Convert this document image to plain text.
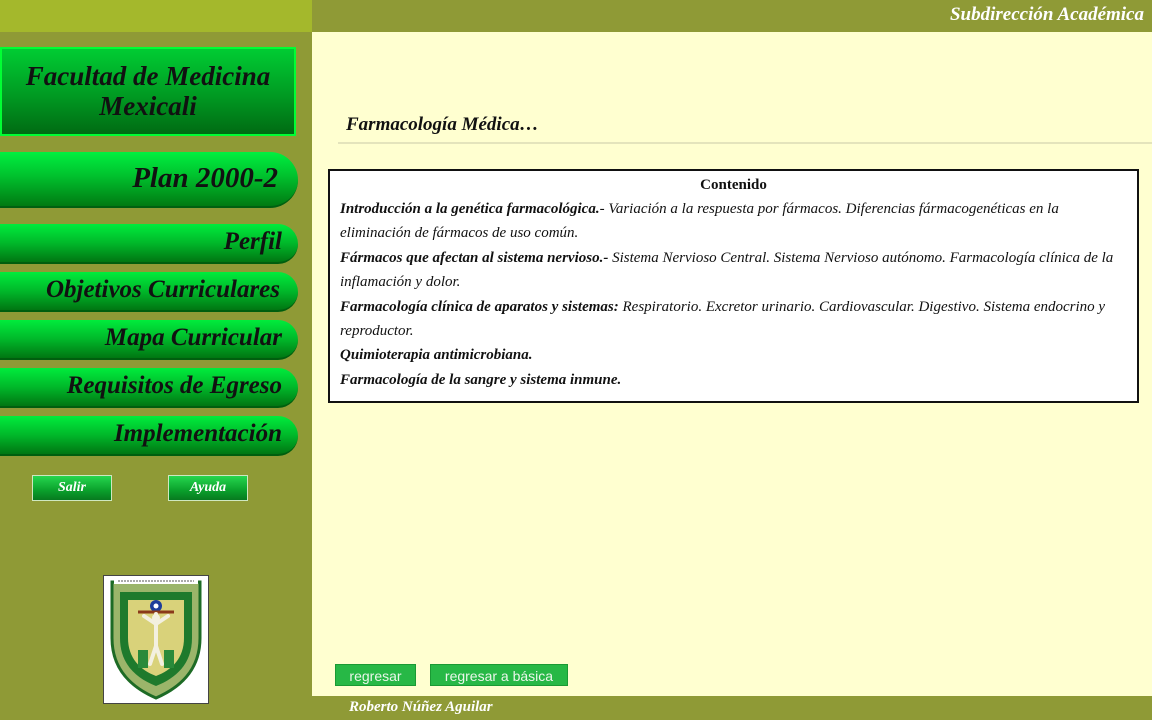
Subdirección Académica
Facultad de Medicina
Mexicali
Plan 2000-2
Perfil
Objetivos Curriculares
Mapa Curricular
Requisitos de Egreso
Implementación
Salir	Ayuda
Farmacología Médica…
Contenido

Introducción a la genética farmacológica.- Variación a la respuesta por fármacos. Diferencias fármacogenéticas en la eliminación de fármacos de uso común.

Fármacos que afectan al sistema nervioso.- Sistema Nervioso Central. Sistema Nervioso autónomo. Farmacología clínica de la inflamación y dolor.

Farmacología clínica de aparatos y sistemas: Respiratorio. Excretor urinario. Cardiovascular. Digestivo. Sistema endocrino y reproductor.

Quimioterapia antimicrobiana.

Farmacología de la sangre y sistema inmune.

regresar	regresar a básica
Roberto Núñez Aguilar
